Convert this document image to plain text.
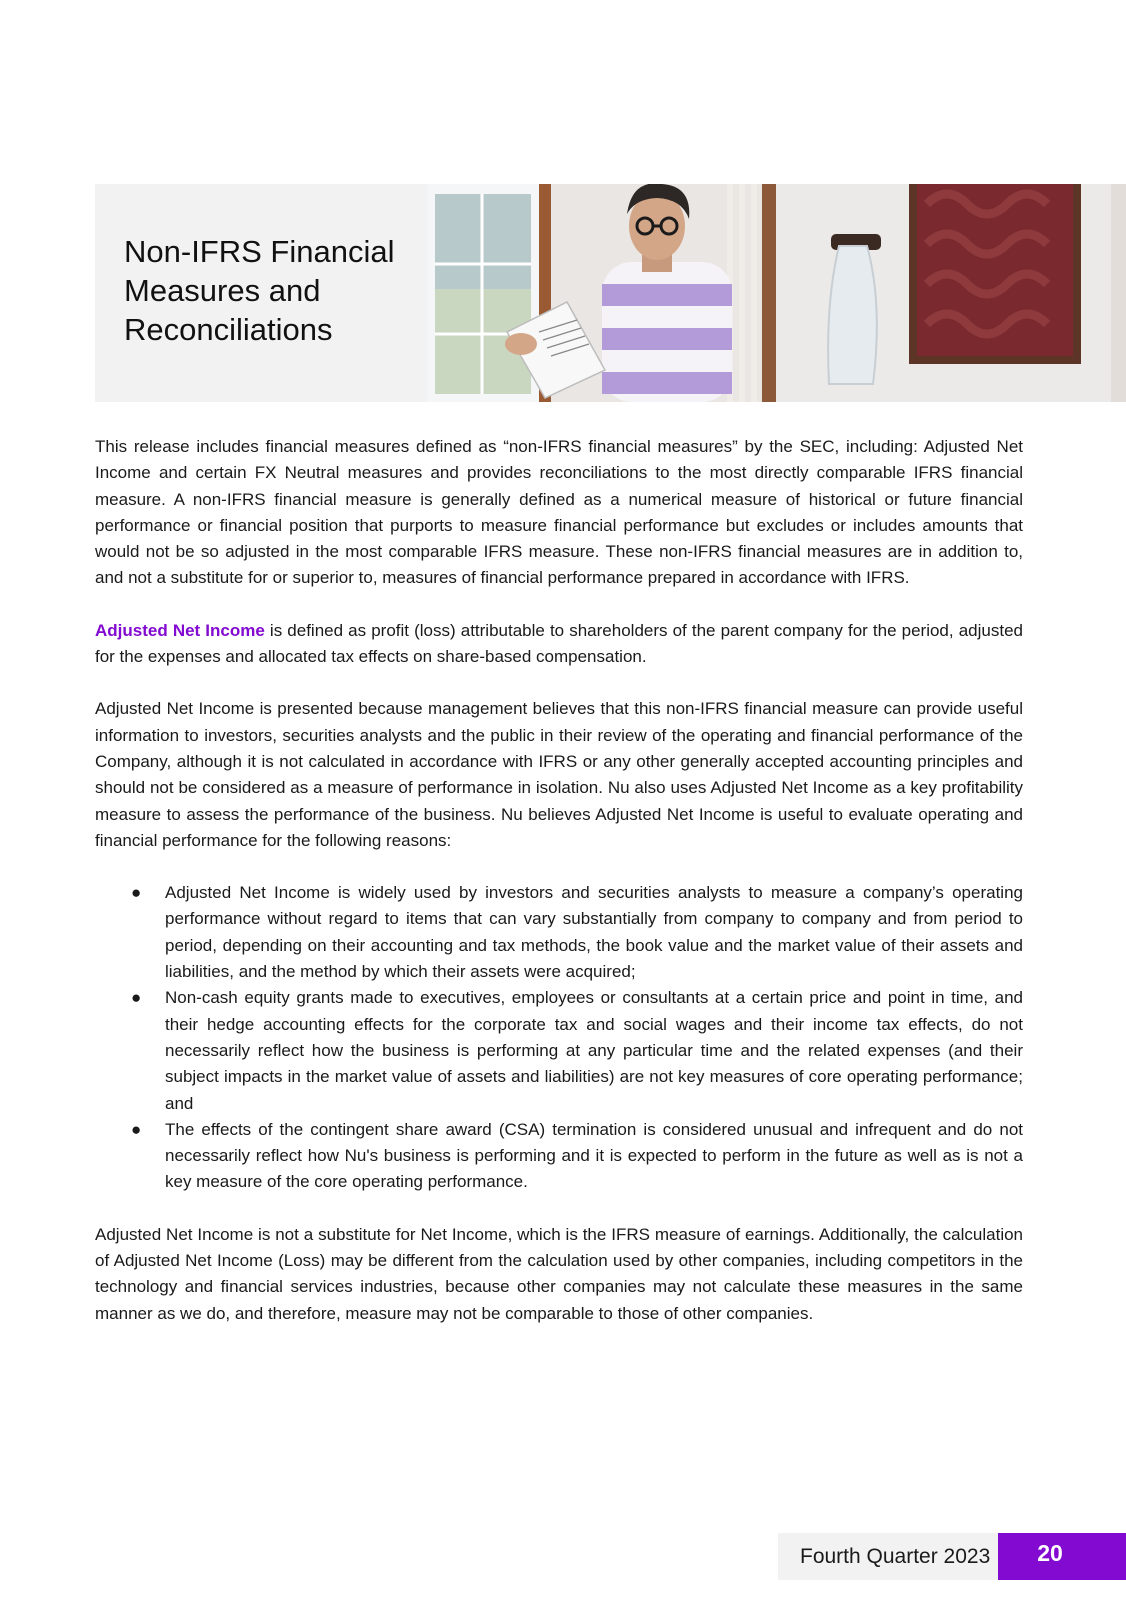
Non-IFRS Financial
Measures and
Reconciliations

This release includes financial measures defined as “non-IFRS financial measures” by the SEC, including: Adjusted Net Income and certain FX Neutral measures and provides reconciliations to the most directly comparable IFRS financial measure. A non-IFRS financial measure is generally defined as a numerical measure of historical or future financial performance or financial position that purports to measure financial performance but excludes or includes amounts that would not be so adjusted in the most comparable IFRS measure. These non-IFRS financial measures are in addition to, and not a substitute for or superior to, measures of financial performance prepared in accordance with IFRS.

Adjusted Net Income is defined as profit (loss) attributable to shareholders of the parent company for the period, adjusted for the expenses and allocated tax effects on share-based compensation.

Adjusted Net Income is presented because management believes that this non-IFRS financial measure can provide useful information to investors, securities analysts and the public in their review of the operating and financial performance of the Company, although it is not calculated in accordance with IFRS or any other generally accepted accounting principles and should not be considered as a measure of performance in isolation. Nu also uses Adjusted Net Income as a key profitability measure to assess the performance of the business. Nu believes Adjusted Net Income is useful to evaluate operating and financial performance for the following reasons:

● Adjusted Net Income is widely used by investors and securities analysts to measure a company’s operating performance without regard to items that can vary substantially from company to company and from period to period, depending on their accounting and tax methods, the book value and the market value of their assets and liabilities, and the method by which their assets were acquired;
● Non-cash equity grants made to executives, employees or consultants at a certain price and point in time, and their hedge accounting effects for the corporate tax and social wages and their income tax effects, do not necessarily reflect how the business is performing at any particular time and the related expenses (and their subject impacts in the market value of assets and liabilities) are not key measures of core operating performance; and
● The effects of the contingent share award (CSA) termination is considered unusual and infrequent and do not necessarily reflect how Nu's business is performing and it is expected to perform in the future as well as is not a key measure of the core operating performance.

Adjusted Net Income is not a substitute for Net Income, which is the IFRS measure of earnings. Additionally, the calculation of Adjusted Net Income (Loss) may be different from the calculation used by other companies, including competitors in the technology and financial services industries, because other companies may not calculate these measures in the same manner as we do, and therefore, measure may not be comparable to those of other companies.

Fourth Quarter 2023	20
